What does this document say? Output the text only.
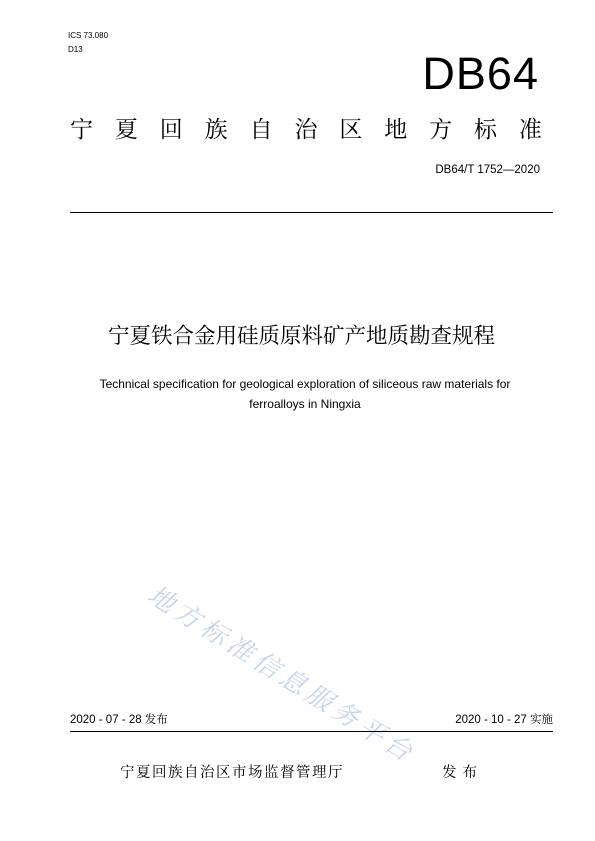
ICS 73.080
D13	DB64
宁 夏 回 族 自 治 区 地 方 标 准
DB64/T 1752—2020
宁夏铁合金用硅质原料矿产地质勘查规程
Technical specification for geological exploration of siliceous raw materials for
ferroalloys in Ningxia
地方标准信息服务平台
2020 - 07 - 28 发布	2020 - 10 - 27 实施
宁夏回族自治区市场监督管理厅	发布
